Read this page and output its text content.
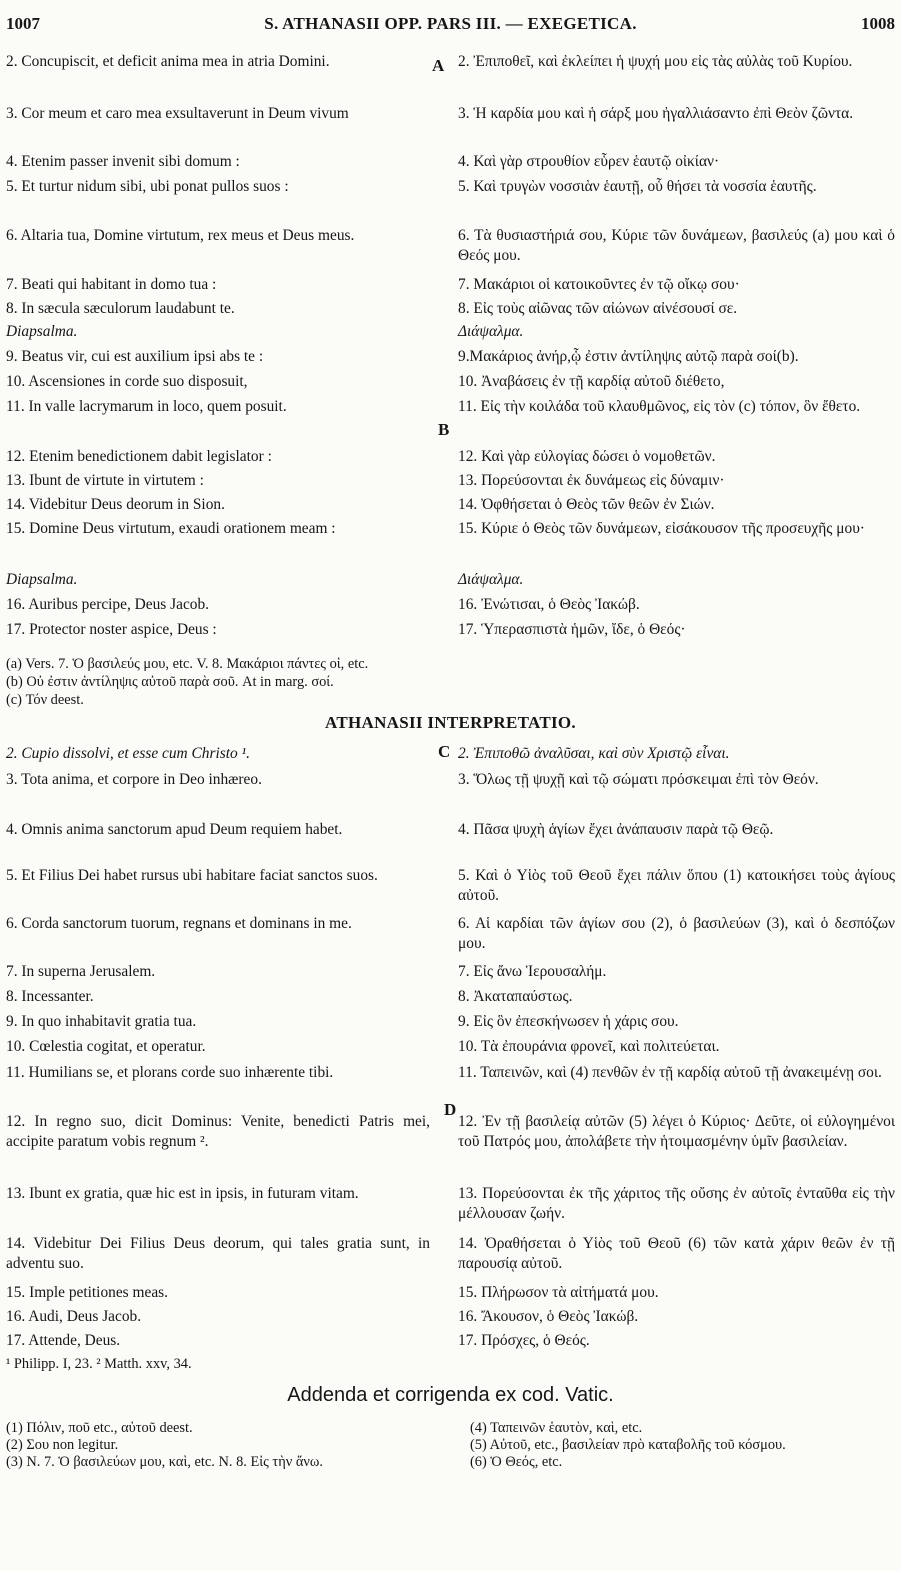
1007	S. ATHANASII OPP. PARS III. — EXEGETICA.	1008
A
B
C
D
2. Concupiscit, et deficit anima mea in atria Domini.	2. Ἐπιποθεῖ, καὶ ἐκλείπει ἡ ψυχή μου εἰς τὰς αὐλὰς τοῦ Κυρίου.
3. Cor meum et caro mea exsultaverunt in Deum vivum	3. Ἡ καρδία μου καὶ ἡ σάρξ μου ἠγαλλιάσαντο ἐπὶ Θεὸν ζῶντα.
4. Etenim passer invenit sibi domum :	4. Καὶ γὰρ στρουθίον εὗρεν ἑαυτῷ οἰκίαν·
5. Et turtur nidum sibi, ubi ponat pullos suos :	5. Καὶ τρυγὼν νοσσιὰν ἑαυτῇ, οὗ θήσει τὰ νοσσία ἑαυτῆς.
6. Altaria tua, Domine virtutum, rex meus et Deus meus.	6. Τὰ θυσιαστήριά σου, Κύριε τῶν δυνάμεων, βασιλεύς (a) μου καὶ ὁ Θεός μου.
7. Beati qui habitant in domo tua :	7. Μακάριοι οἱ κατοικοῦντες ἐν τῷ οἴκῳ σου·
8. In sæcula sæculorum laudabunt te.	8. Εἰς τοὺς αἰῶνας τῶν αἰώνων αἰνέσουσί σε.
Diapsalma.	Διάψαλμα.
9. Beatus vir, cui est auxilium ipsi abs te :	9.Μακάριος ἀνήρ,ᾧ ἐστιν ἀντίληψις αὐτῷ παρὰ σοί(b).
10. Ascensiones in corde suo disposuit,	10. Ἀναβάσεις ἐν τῇ καρδίᾳ αὐτοῦ διέθετο,
11. In valle lacrymarum in loco, quem posuit.	11. Εἰς τὴν κοιλάδα τοῦ κλαυθμῶνος, εἰς τὸν (c) τόπον, ὃν ἔθετο.
12. Etenim benedictionem dabit legislator :	12. Καὶ γὰρ εὐλογίας δώσει ὁ νομοθετῶν.
13. Ibunt de virtute in virtutem :	13. Πορεύσονται ἐκ δυνάμεως εἰς δύναμιν·
14. Videbitur Deus deorum in Sion.	14. Ὀφθήσεται ὁ Θεὸς τῶν θεῶν ἐν Σιών.
15. Domine Deus virtutum, exaudi orationem meam :	15. Κύριε ὁ Θεὸς τῶν δυνάμεων, εἰσάκουσον τῆς προσευχῆς μου·
Diapsalma.	Διάψαλμα.
16. Auribus percipe, Deus Jacob.	16. Ἐνώτισαι, ὁ Θεὸς Ἰακώβ.
17. Protector noster aspice, Deus :	17. Ὑπερασπιστὰ ἡμῶν, ἴδε, ὁ Θεός·
(a) Vers. 7. Ὁ βασιλεύς μου, etc. V. 8. Μακάριοι πάντες οἱ, etc.
(b) Οὐ ἐστιν ἀντίληψις αὐτοῦ παρὰ σοῦ. At in marg. σοί.
(c) Τόν deest.
ATHANASII INTERPRETATIO.
2. Cupio dissolvi, et esse cum Christo ¹.	2. Ἐπιποθῶ ἀναλῦσαι, καὶ σὺν Χριστῷ εἶναι.
3. Tota anima, et corpore in Deo inhæreo.	3. Ὅλως τῇ ψυχῇ καὶ τῷ σώματι πρόσκειμαι ἐπὶ τὸν Θεόν.
4. Omnis anima sanctorum apud Deum requiem habet.	4. Πᾶσα ψυχὴ ἁγίων ἔχει ἀνάπαυσιν παρὰ τῷ Θεῷ.
5. Et Filius Dei habet rursus ubi habitare faciat sanctos suos.	5. Καὶ ὁ Υἱὸς τοῦ Θεοῦ ἔχει πάλιν ὅπου (1) κατοικήσει τοὺς ἁγίους αὐτοῦ.
6. Corda sanctorum tuorum, regnans et dominans in me.	6. Αἱ καρδίαι τῶν ἁγίων σου (2), ὁ βασιλεύων (3), καὶ ὁ δεσπόζων μου.
7. In superna Jerusalem.	7. Εἰς ἄνω Ἱερουσαλήμ.
8. Incessanter.	8. Ἀκαταπαύστως.
9. In quo inhabitavit gratia tua.	9. Εἰς ὃν ἐπεσκήνωσεν ἡ χάρις σου.
10. Cœlestia cogitat, et operatur.	10. Τὰ ἐπουράνια φρονεῖ, καὶ πολιτεύεται.
11. Humilians se, et plorans corde suo inhærente tibi.	11. Ταπεινῶν, καὶ (4) πενθῶν ἐν τῇ καρδίᾳ αὐτοῦ τῇ ἀνακειμένῃ σοι.
12. In regno suo, dicit Dominus: Venite, benedicti Patris mei, accipite paratum vobis regnum ².
12. Ἐν τῇ βασιλείᾳ αὐτῶν (5) λέγει ὁ Κύριος· Δεῦτε, οἱ εὐλογημένοι τοῦ Πατρός μου, ἀπολάβετε τὴν ἡτοιμασμένην ὑμῖν βασιλείαν.
13. Ibunt ex gratia, quæ hic est in ipsis, in futuram vitam.	13. Πορεύσονται ἐκ τῆς χάριτος τῆς οὔσης ἐν αὐτοῖς ἐνταῦθα εἰς τὴν μέλλουσαν ζωήν.
14. Videbitur Dei Filius Deus deorum, qui tales gratia sunt, in adventu suo.
14. Ὀραθήσεται ὁ Υἱὸς τοῦ Θεοῦ (6) τῶν κατὰ χάριν θεῶν ἐν τῇ παρουσίᾳ αὐτοῦ.
15. Imple petitiones meas.	15. Πλήρωσον τὰ αἰτήματά μου.
16. Audi, Deus Jacob.	16. Ἄκουσον, ὁ Θεὸς Ἰακώβ.
17. Attende, Deus.	17. Πρόσχες, ὁ Θεός.
¹ Philipp. I, 23. ² Matth. xxv, 34.
Addenda et corrigenda ex cod. Vatic.
(1) Πόλιν, ποῦ etc., αὐτοῦ deest.
(2) Σου non legitur.
(3) N. 7. Ὁ βασιλεύων μου, καὶ, etc. N. 8. Εἰς τὴν ἄνω.
(4) Ταπεινῶν ἑαυτὸν, καὶ, etc.
(5) Αὐτοῦ, etc., βασιλείαν πρὸ καταβολῆς τοῦ κόσμου.
(6) Ὁ Θεός, etc.
